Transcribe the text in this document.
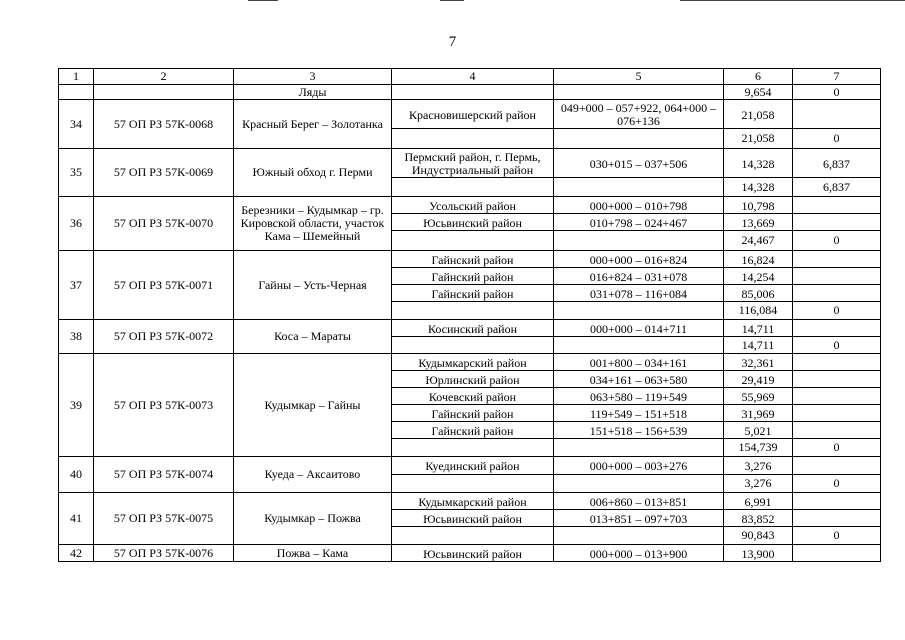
7
1	2	3	4	5	6	7
		Ляды			9,654	0
34	57 ОП РЗ 57К-0068	Красный Берег – Золотанка	Красновишерский район	049+000 – 057+922, 064+000 – 076+136	21,058	
					21,058	0
35	57 ОП РЗ 57К-0069	Южный обход г. Перми	Пермский район, г. Пермь, Индустриальный район	030+015 – 037+506	14,328	6,837
					14,328	6,837
36	57 ОП РЗ 57К-0070	Березники – Кудымкар – гр. Кировской области, участок Кама – Шемейный	Усольский район	000+000 – 010+798	10,798	
			Юсьвинский район	010+798 – 024+467	13,669	
					24,467	0
37	57 ОП РЗ 57К-0071	Гайны – Усть-Черная	Гайнский район	000+000 – 016+824	16,824	
			Гайнский район	016+824 – 031+078	14,254	
			Гайнский район	031+078 – 116+084	85,006	
					116,084	0
38	57 ОП РЗ 57К-0072	Коса – Мараты	Косинский район	000+000 – 014+711	14,711	
					14,711	0
39	57 ОП РЗ 57К-0073	Кудымкар – Гайны	Кудымкарский район	001+800 – 034+161	32,361	
			Юрлинский район	034+161 – 063+580	29,419	
			Кочевский район	063+580 – 119+549	55,969	
			Гайнский район	119+549 – 151+518	31,969	
			Гайнский район	151+518 – 156+539	5,021	
					154,739	0
40	57 ОП РЗ 57К-0074	Куеда – Аксаитово	Куединский район	000+000 – 003+276	3,276	
					3,276	0
41	57 ОП РЗ 57К-0075	Кудымкар – Пожва	Кудымкарский район	006+860 – 013+851	6,991	
			Юсьвинский район	013+851 – 097+703	83,852	
					90,843	0
42	57 ОП РЗ 57К-0076	Пожва – Кама	Юсьвинский район	000+000 – 013+900	13,900	
